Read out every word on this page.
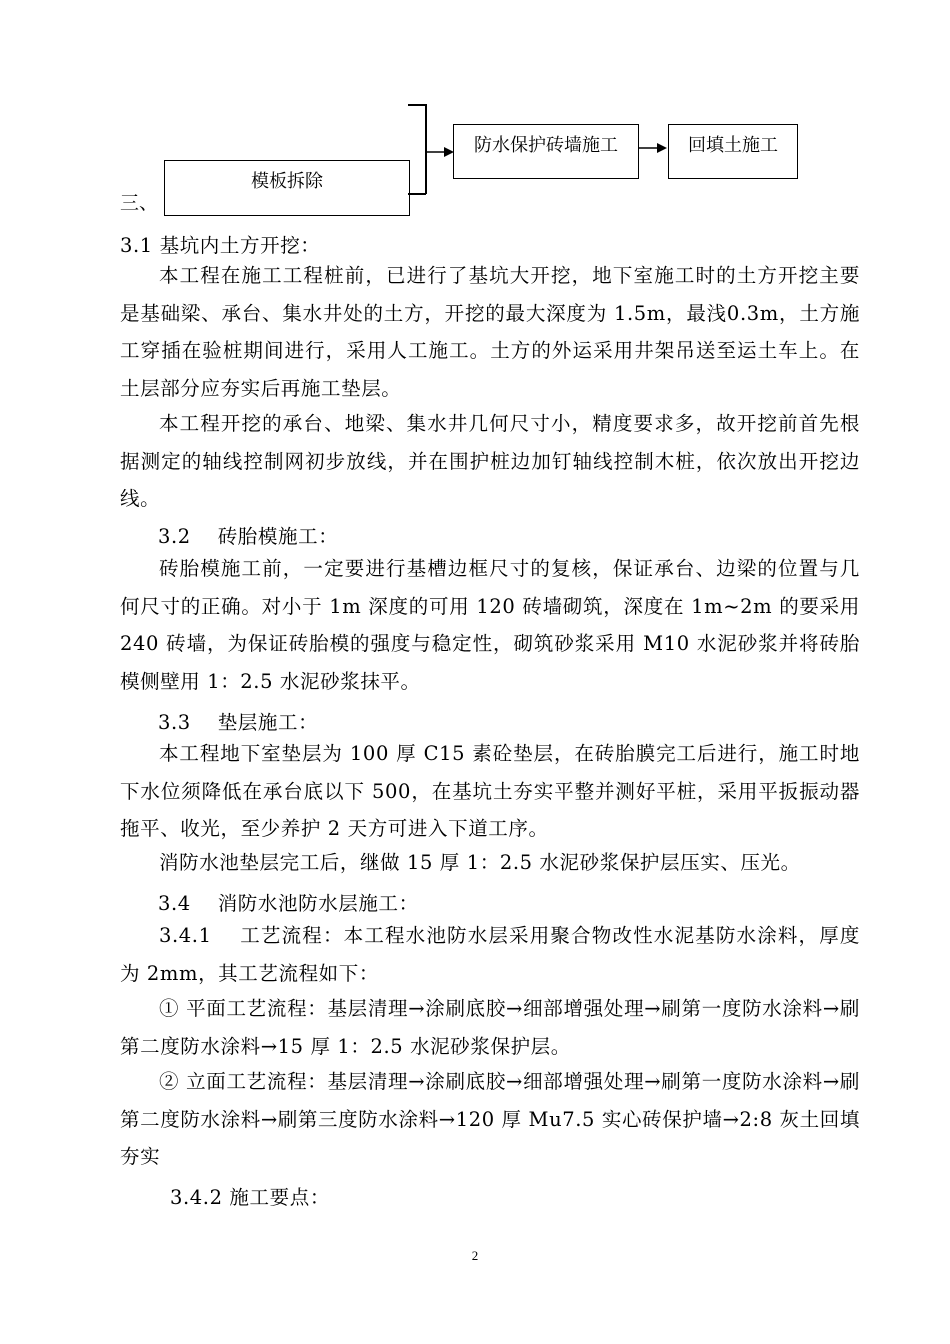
模板拆除
防水保护砖墙施工	回填土施工
三、
3.1 基坑内土方开挖：
本工程在施工工程桩前，已进行了基坑大开挖，地下室施工时的土方开挖主要是基础梁、承台、集水井处的土方，开挖的最大深度为 1.5m，最浅0.3m，土方施工穿插在验桩期间进行，采用人工施工。土方的外运采用井架吊送至运土车上。在土层部分应夯实后再施工垫层。
本工程开挖的承台、地梁、集水井几何尺寸小，精度要求多，故开挖前首先根据测定的轴线控制网初步放线，并在围护桩边加钉轴线控制木桩，依次放出开挖边线。
3.2　 砖胎模施工：
砖胎模施工前，一定要进行基槽边框尺寸的复核，保证承台、边梁的位置与几何尺寸的正确。对小于 1m 深度的可用 120 砖墙砌筑，深度在 1m~2m 的要采用 240 砖墙，为保证砖胎模的强度与稳定性，砌筑砂浆采用 M10 水泥砂浆并将砖胎模侧壁用 1：2.5 水泥砂浆抹平。
3.3　 垫层施工：
本工程地下室垫层为 100 厚 C15 素砼垫层，在砖胎膜完工后进行，施工时地下水位须降低在承台底以下 500，在基坑土夯实平整并测好平桩，采用平扳振动器拖平、收光，至少养护 2 天方可进入下道工序。
消防水池垫层完工后，继做 15 厚 1：2.5 水泥砂浆保护层压实、压光。
3.4　 消防水池防水层施工：
3.4.1　 工艺流程：本工程水池防水层采用聚合物改性水泥基防水涂料，厚度为 2mm，其工艺流程如下：
① 平面工艺流程：基层清理→涂刷底胶→细部增强处理→刷第一度防水涂料→刷第二度防水涂料→15 厚 1：2.5 水泥砂浆保护层。
② 立面工艺流程：基层清理→涂刷底胶→细部增强处理→刷第一度防水涂料→刷第二度防水涂料→刷第三度防水涂料→120 厚 Mu7.5 实心砖保护墙→2:8 灰土回填夯实
3.4.2 施工要点：
2
